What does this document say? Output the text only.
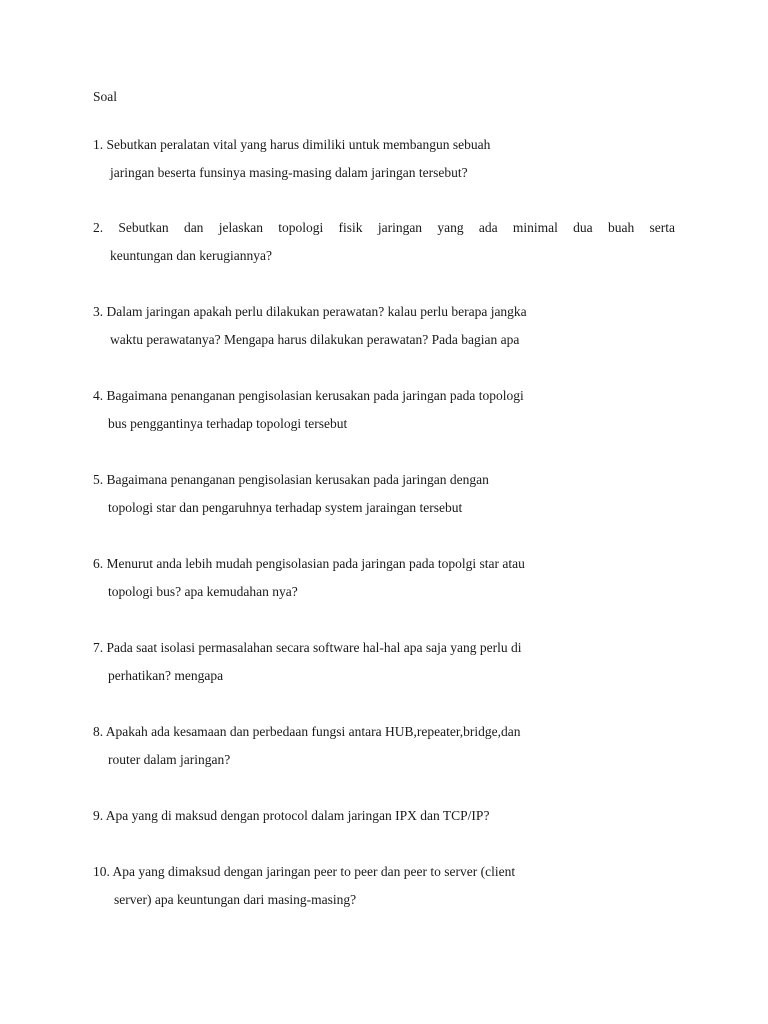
Soal

1. Sebutkan peralatan vital yang harus dimiliki untuk membangun sebuah
jaringan beserta funsinya masing-masing dalam jaringan tersebut?
2. Sebutkan dan jelaskan topologi fisik jaringan yang ada minimal dua buah serta
keuntungan dan kerugiannya?
3. Dalam jaringan apakah perlu dilakukan perawatan? kalau perlu berapa jangka
waktu perawatanya? Mengapa harus dilakukan perawatan? Pada bagian apa
4. Bagaimana penanganan pengisolasian kerusakan pada jaringan pada topologi
bus penggantinya terhadap topologi tersebut
5. Bagaimana penanganan pengisolasian kerusakan pada jaringan dengan
topologi star dan pengaruhnya terhadap system jaraingan tersebut
6. Menurut anda lebih mudah pengisolasian pada jaringan pada topolgi star atau
topologi bus? apa kemudahan nya?
7. Pada saat isolasi permasalahan secara software hal-hal apa saja yang perlu di
perhatikan? mengapa
8. Apakah ada kesamaan dan perbedaan fungsi antara HUB,repeater,bridge,dan
router dalam jaringan?
9. Apa yang di maksud dengan protocol dalam jaringan IPX dan TCP/IP?
10. Apa yang dimaksud dengan jaringan peer to peer dan peer to server (client
server) apa keuntungan dari masing-masing?
